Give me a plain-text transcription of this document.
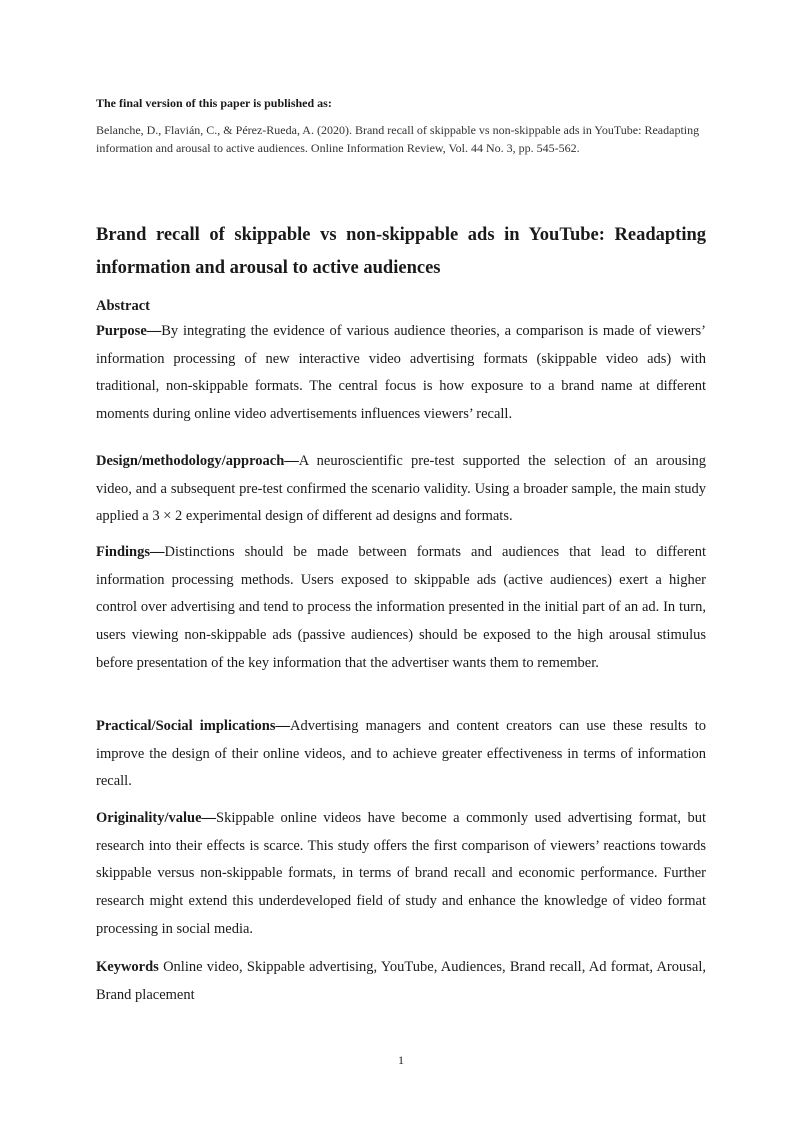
The final version of this paper is published as:

Belanche, D., Flavián, C., & Pérez-Rueda, A. (2020). Brand recall of skippable vs non-skippable ads in YouTube: Readapting information and arousal to active audiences. Online Information Review, Vol. 44 No. 3, pp. 545-562.

Brand recall of skippable vs non-skippable ads in YouTube: Readapting information and arousal to active audiences
Abstract

Purpose—By integrating the evidence of various audience theories, a comparison is made of viewers’ information processing of new interactive video advertising formats (skippable video ads) with traditional, non-skippable formats. The central focus is how exposure to a brand name at different moments during online video advertisements influences viewers’ recall.

Design/methodology/approach—A neuroscientific pre-test supported the selection of an arousing video, and a subsequent pre-test confirmed the scenario validity. Using a broader sample, the main study applied a 3 × 2 experimental design of different ad designs and formats.

Findings—Distinctions should be made between formats and audiences that lead to different information processing methods. Users exposed to skippable ads (active audiences) exert a higher control over advertising and tend to process the information presented in the initial part of an ad. In turn, users viewing non-skippable ads (passive audiences) should be exposed to the high arousal stimulus before presentation of the key information that the advertiser wants them to remember.

Practical/Social implications—Advertising managers and content creators can use these results to improve the design of their online videos, and to achieve greater effectiveness in terms of information recall.

Originality/value—Skippable online videos have become a commonly used advertising format, but research into their effects is scarce. This study offers the first comparison of viewers’ reactions towards skippable versus non-skippable formats, in terms of brand recall and economic performance. Further research might extend this underdeveloped field of study and enhance the knowledge of video format processing in social media.

Keywords Online video, Skippable advertising, YouTube, Audiences, Brand recall, Ad format, Arousal, Brand placement

1
